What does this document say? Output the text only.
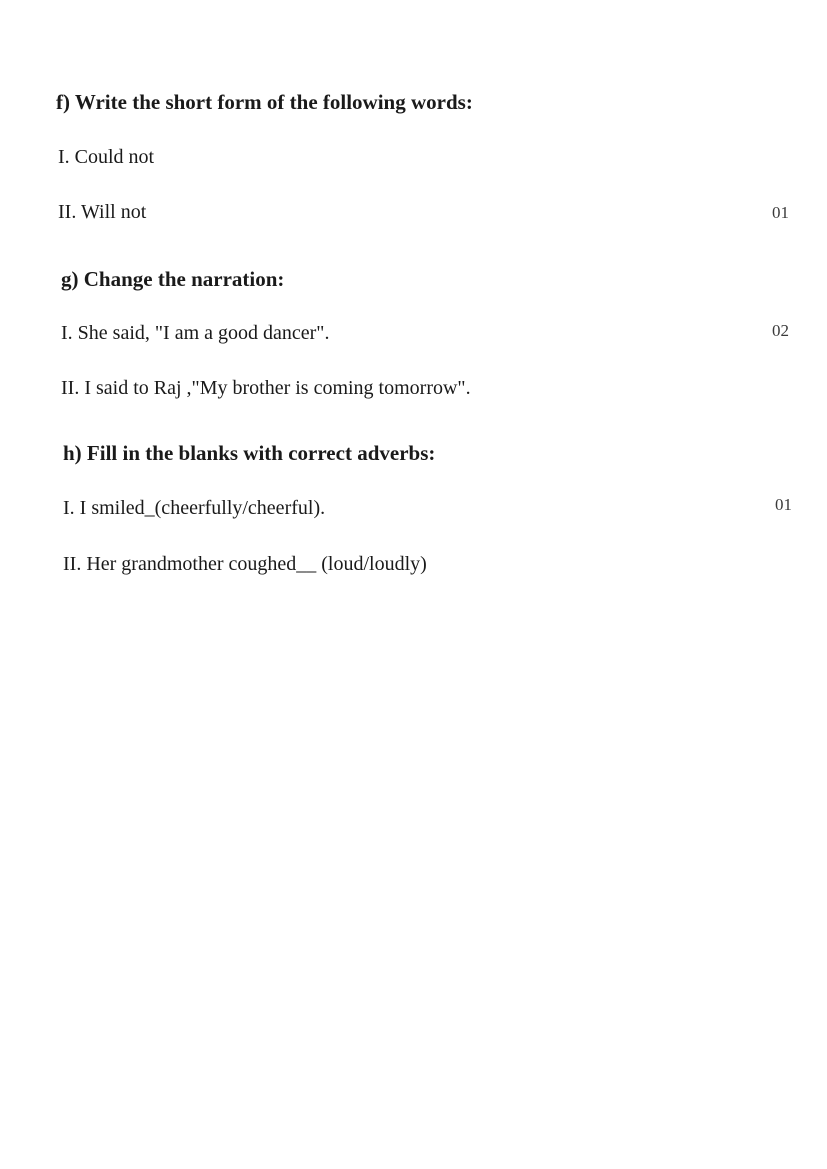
f) Write the short form of the following words:
I. Could not
II. Will not	01
g) Change the narration:
I. She said, "I am a good dancer".	02
II. I said to Raj ,"My brother is coming tomorrow".
h) Fill in the blanks with correct adverbs:
I. I smiled_(cheerfully/cheerful).	01
II. Her grandmother coughed__ (loud/loudly)
